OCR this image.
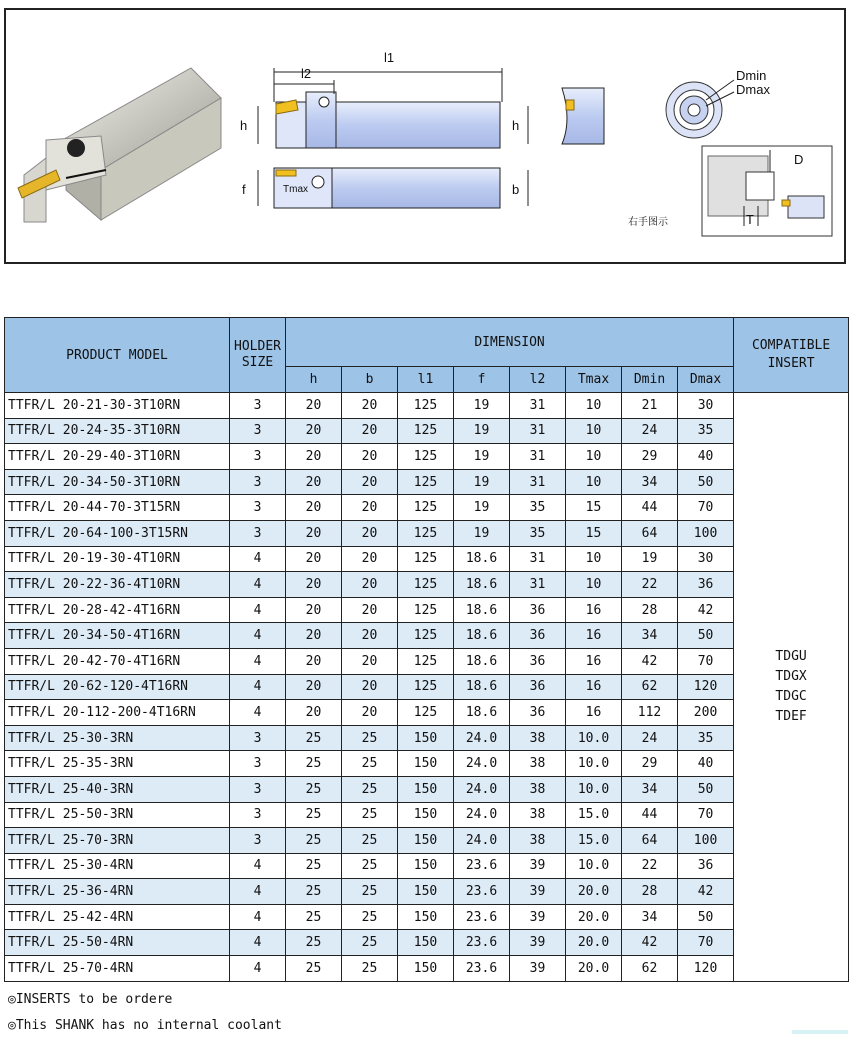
l1
l2
h	h
f	b
Tmax
Dmin
Dmax
D
T
右手图示
PRODUCT MODEL	HOLDER SIZE	DIMENSION								COMPATIBLE INSERT
		h	b	l1	f	l2	Tmax	Dmin	Dmax	
TTFR/L 20-21-30-3T10RN	3	20	20	125	19	31	10	21	30	TDGU
TDGX
TDGC
TDEF

TTFR/L 20-24-35-3T10RN	3	20	20	125	19	31	10	24	35	
TTFR/L 20-29-40-3T10RN	3	20	20	125	19	31	10	29	40	
TTFR/L 20-34-50-3T10RN	3	20	20	125	19	31	10	34	50	
TTFR/L 20-44-70-3T15RN	3	20	20	125	19	35	15	44	70	
TTFR/L 20-64-100-3T15RN	3	20	20	125	19	35	15	64	100	
TTFR/L 20-19-30-4T10RN	4	20	20	125	18.6	31	10	19	30	
TTFR/L 20-22-36-4T10RN	4	20	20	125	18.6	31	10	22	36	
TTFR/L 20-28-42-4T16RN	4	20	20	125	18.6	36	16	28	42	
TTFR/L 20-34-50-4T16RN	4	20	20	125	18.6	36	16	34	50	
TTFR/L 20-42-70-4T16RN	4	20	20	125	18.6	36	16	42	70	
TTFR/L 20-62-120-4T16RN	4	20	20	125	18.6	36	16	62	120	
TTFR/L 20-112-200-4T16RN	4	20	20	125	18.6	36	16	112	200	
TTFR/L 25-30-3RN	3	25	25	150	24.0	38	10.0	24	35	
TTFR/L 25-35-3RN	3	25	25	150	24.0	38	10.0	29	40	
TTFR/L 25-40-3RN	3	25	25	150	24.0	38	10.0	34	50	
TTFR/L 25-50-3RN	3	25	25	150	24.0	38	15.0	44	70	
TTFR/L 25-70-3RN	3	25	25	150	24.0	38	15.0	64	100	
TTFR/L 25-30-4RN	4	25	25	150	23.6	39	10.0	22	36	
TTFR/L 25-36-4RN	4	25	25	150	23.6	39	20.0	28	42	
TTFR/L 25-42-4RN	4	25	25	150	23.6	39	20.0	34	50	
TTFR/L 25-50-4RN	4	25	25	150	23.6	39	20.0	42	70	
TTFR/L 25-70-4RN	4	25	25	150	23.6	39	20.0	62	120	
◎INSERTS to be ordere
◎This SHANK has no internal coolant
